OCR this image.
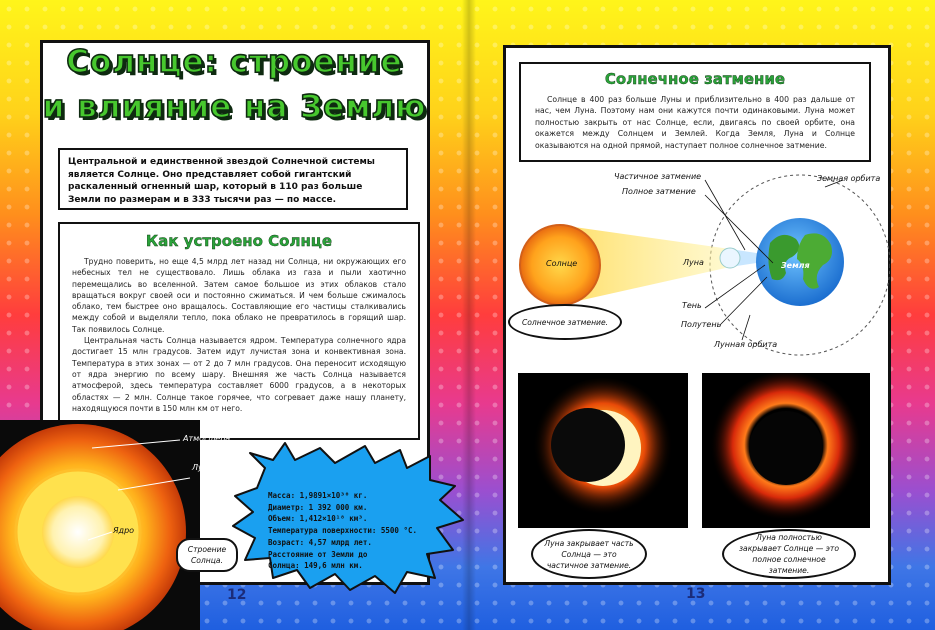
Солнце: строение
и влияние на Землю
Центральной и единственной звездой Солнечной системы является Солнце. Оно представляет собой гигантский раскаленный огненный шар, который в 110 раз больше Земли по размерам и в 333 тысячи раз — по массе.
Как устроено Солнце

Трудно поверить, но еще 4,5 млрд лет назад ни Солнца, ни окружающих его небесных тел не существовало. Лишь облака из газа и пыли хаотично перемещались во вселенной. Затем самое большое из этих облаков стало вращаться вокруг своей оси и постоянно сжиматься. И чем больше сжималось облако, тем быстрее оно вращалось. Составляющие его частицы сталкивались между собой и выделяли тепло, пока облако не превратилось в горящий шар. Так появилось Солнце.

Центральная часть Солнца называется ядром. Температура солнечного ядра достигает 15 млн градусов. Затем идут лучистая зона и конвективная зона. Температура в этих зонах — от 2 до 7 млн градусов. Она переносит исходящую от ядра энергию по всему шару. Внешняя же часть Солнца называется атмосферой, здесь температура составляет 6000 градусов, а в некоторых областях — 2 млн. Солнце такое горячее, что согревает даже нашу планету, находящуюся почти в 150 млн км от него.

Атмосфера
Лучистая
зона
Ядро
Строение
Солнца.
Масса: 1,9891×10³⁰ кг.
Диаметр: 1 392 000 км.
Объем: 1,412×10¹⁸ км³.
Температура поверхности: 5500 °С.
Возраст: 4,57 млрд лет.
Расстояние от Земли до
Солнца: 149,6 млн км.
12
Солнечное затмение
Солнце в 400 раз больше Луны и приблизительно в 400 раз дальше от нас, чем Луна. Поэтому нам они кажутся почти одинаковыми. Луна может полностью закрыть от нас Солнце, если, двигаясь по своей орбите, она окажется между Солнцем и Землей. Когда Земля, Луна и Солнце оказываются на одной прямой, наступает полное солнечное затмение.
Частичное затмение
Полное затмение
Земная орбита
Солнце	Луна	Земля
Тень
Полутень
Лунная орбита
Солнечное затмение.
Луна закрывает часть Солнца — это частичное затмение.
Луна полностью закрывает Солнце — это полное солнечное затмение.
13
